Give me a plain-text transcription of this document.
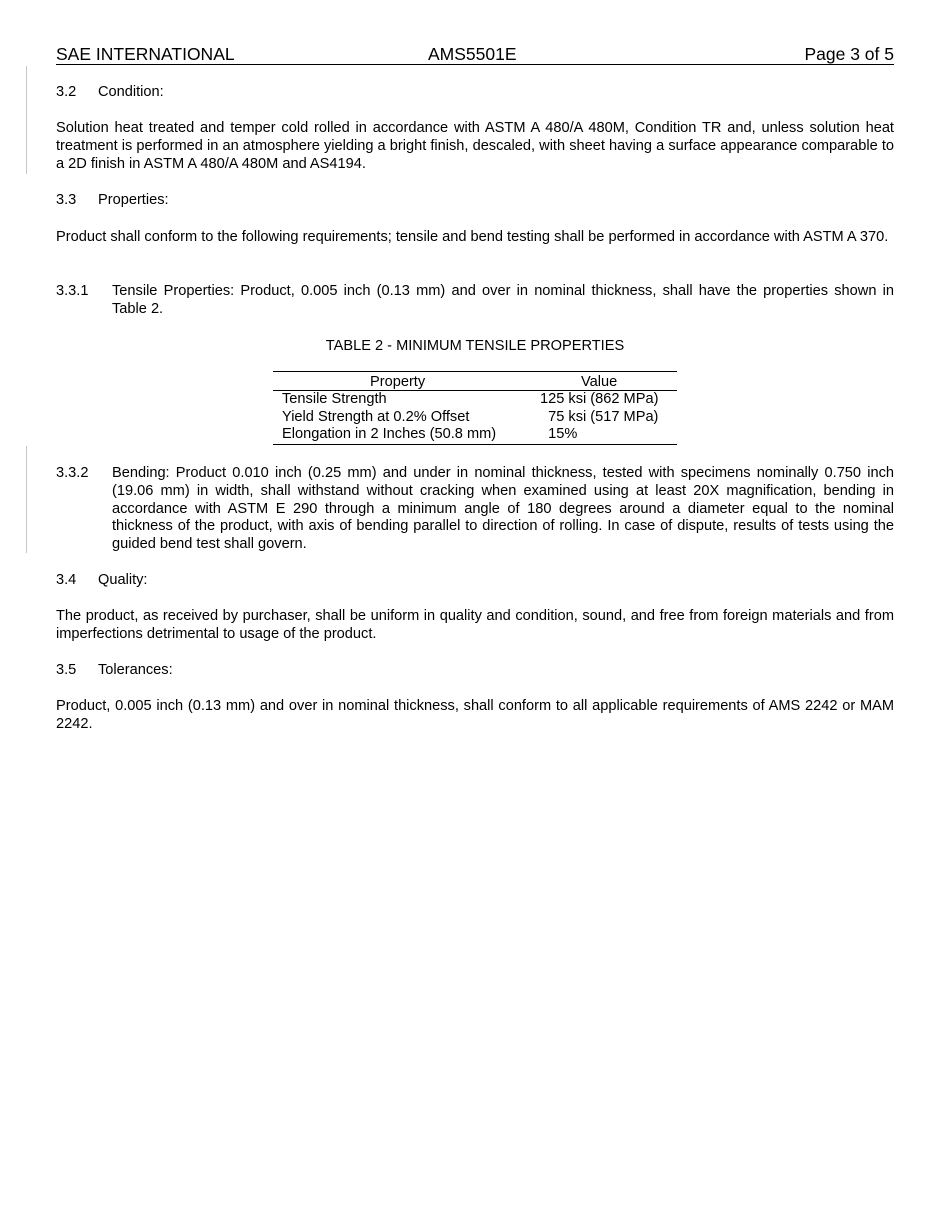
SAE INTERNATIONAL	AMS5501E	Page 3 of 5
3.2 Condition:
Solution heat treated and temper cold rolled in accordance with ASTM A 480/A 480M, Condition TR and, unless solution heat treatment is performed in an atmosphere yielding a bright finish, descaled, with sheet having a surface appearance comparable to a 2D finish in ASTM A 480/A 480M and AS4194.
3.3 Properties:
Product shall conform to the following requirements; tensile and bend testing shall be performed in accordance with ASTM A 370.
3.3.1 Tensile Properties: Product, 0.005 inch (0.13 mm) and over in nominal thickness, shall have the properties shown in Table 2.
TABLE 2 - MINIMUM TENSILE PROPERTIES
Property	Value
Tensile Strength	125 ksi (862 MPa)
Yield Strength at 0.2% Offset	75 ksi (517 MPa)
Elongation in 2 Inches (50.8 mm)	15%
3.3.2 Bending: Product 0.010 inch (0.25 mm) and under in nominal thickness, tested with specimens nominally 0.750 inch (19.06 mm) in width, shall withstand without cracking when examined using at least 20X magnification, bending in accordance with ASTM E 290 through a minimum angle of 180 degrees around a diameter equal to the nominal thickness of the product, with axis of bending parallel to direction of rolling. In case of dispute, results of tests using the guided bend test shall govern.
3.4 Quality:
The product, as received by purchaser, shall be uniform in quality and condition, sound, and free from foreign materials and from imperfections detrimental to usage of the product.
3.5 Tolerances:
Product, 0.005 inch (0.13 mm) and over in nominal thickness, shall conform to all applicable requirements of AMS 2242 or MAM 2242.
